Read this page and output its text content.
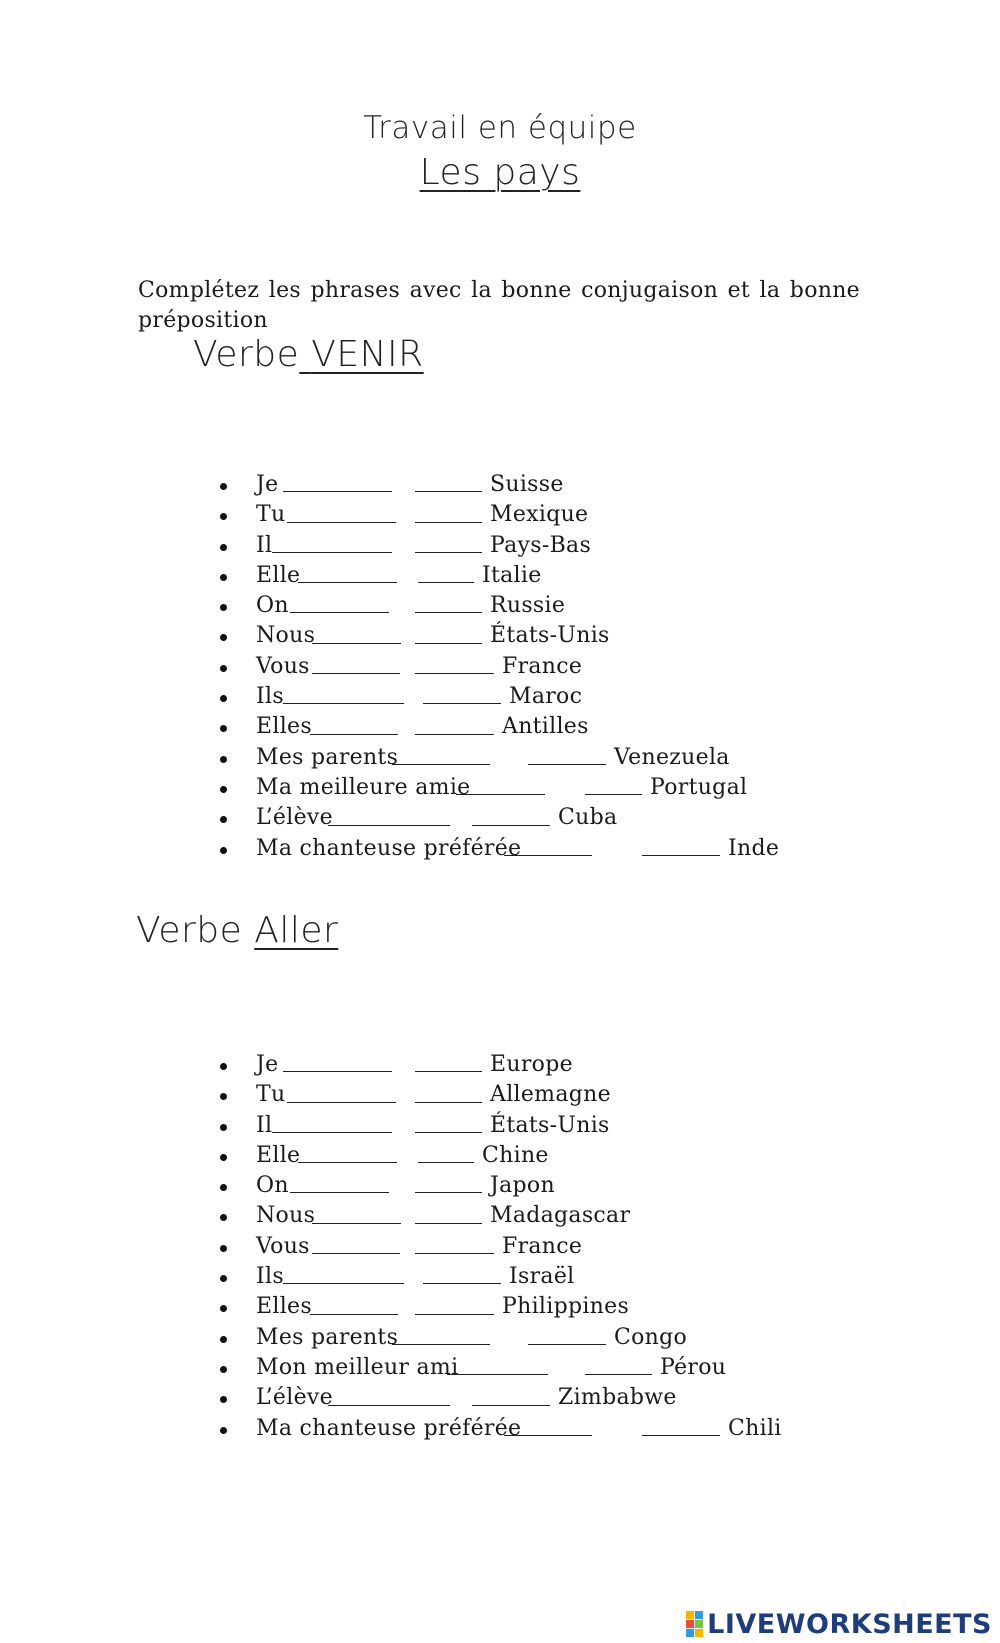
Travail en équipe
Les pays
Complétez les phrases avec la bonne conjugaison et la bonne préposition
Verbe VENIR
Je	Suisse
Tu	Mexique
Il	Pays-Bas
Elle	Italie
On	Russie
Nous	États-Unis
Vous	France
Ils	Maroc
Elles	Antilles
Mes parents	Venezuela
Ma meilleure amie	Portugal
L’élève	Cuba
Ma chanteuse préférée	Inde
Verbe Aller
Je	Europe
Tu	Allemagne
Il	États-Unis
Elle	Chine
On	Japon
Nous	Madagascar
Vous	France
Ils	Israël
Elles	Philippines
Mes parents	Congo
Mon meilleur ami	Pérou
L’élève	Zimbabwe
Ma chanteuse préférée	Chili
LIVEWORKSHEETS
